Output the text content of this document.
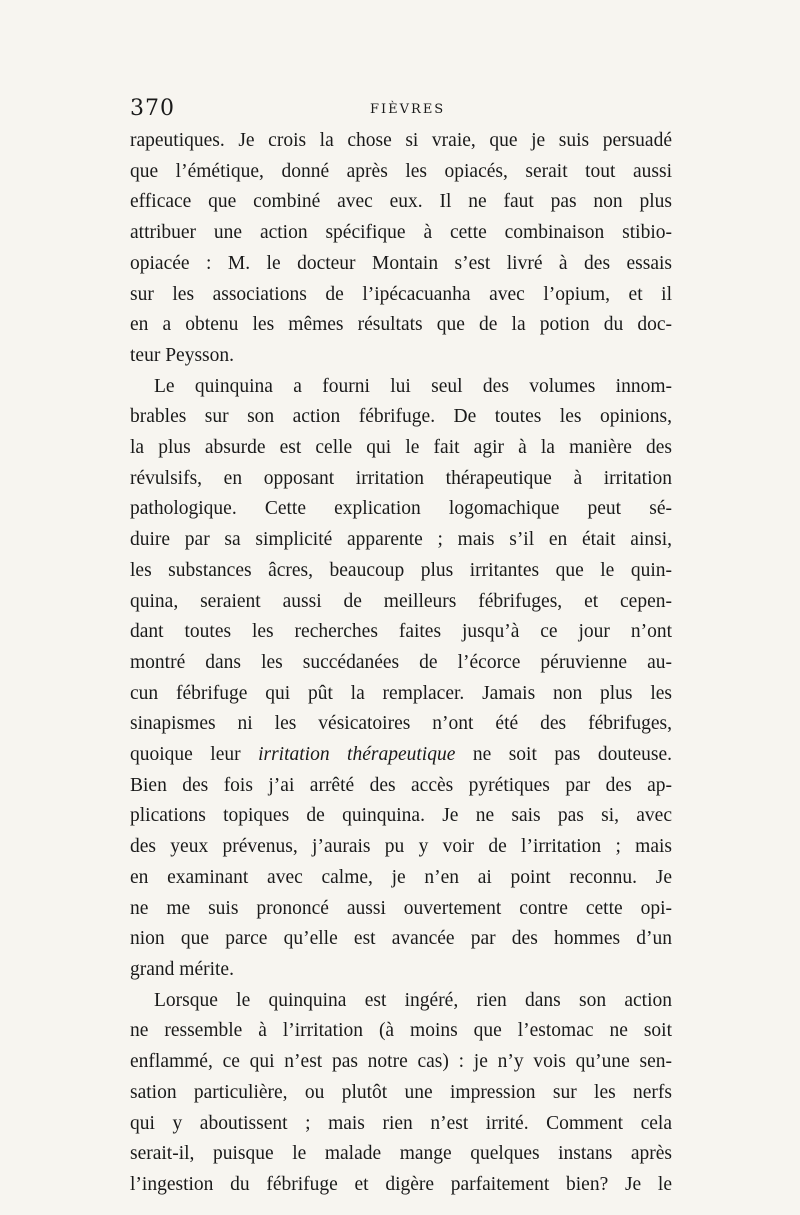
370	FIÈVRES
rapeutiques. Je crois la chose si vraie, que je suis persuadé
que l’émétique, donné après les opiacés, serait tout aussi
efficace que combiné avec eux. Il ne faut pas non plus
attribuer une action spécifique à cette combinaison stibio-
opiacée : M. le docteur Montain s’est livré à des essais
sur les associations de l’ipécacuanha avec l’opium, et il
en a obtenu les mêmes résultats que de la potion du doc-
teur Peysson.
Le quinquina a fourni lui seul des volumes innom-
brables sur son action fébrifuge. De toutes les opinions,
la plus absurde est celle qui le fait agir à la manière des
révulsifs, en opposant irritation thérapeutique à irritation
pathologique. Cette explication logomachique peut sé-
duire par sa simplicité apparente ; mais s’il en était ainsi,
les substances âcres, beaucoup plus irritantes que le quin-
quina, seraient aussi de meilleurs fébrifuges, et cepen-
dant toutes les recherches faites jusqu’à ce jour n’ont
montré dans les succédanées de l’écorce péruvienne au-
cun fébrifuge qui pût la remplacer. Jamais non plus les
sinapismes ni les vésicatoires n’ont été des fébrifuges,
quoique leur irritation thérapeutique ne soit pas douteuse.
Bien des fois j’ai arrêté des accès pyrétiques par des ap-
plications topiques de quinquina. Je ne sais pas si, avec
des yeux prévenus, j’aurais pu y voir de l’irritation ; mais
en examinant avec calme, je n’en ai point reconnu. Je
ne me suis prononcé aussi ouvertement contre cette opi-
nion que parce qu’elle est avancée par des hommes d’un
grand mérite.
Lorsque le quinquina est ingéré, rien dans son action
ne ressemble à l’irritation (à moins que l’estomac ne soit
enflammé, ce qui n’est pas notre cas) : je n’y vois qu’une sen-
sation particulière, ou plutôt une impression sur les nerfs
qui y aboutissent ; mais rien n’est irrité. Comment cela
serait-il, puisque le malade mange quelques instans après
l’ingestion du fébrifuge et digère parfaitement bien? Je le
